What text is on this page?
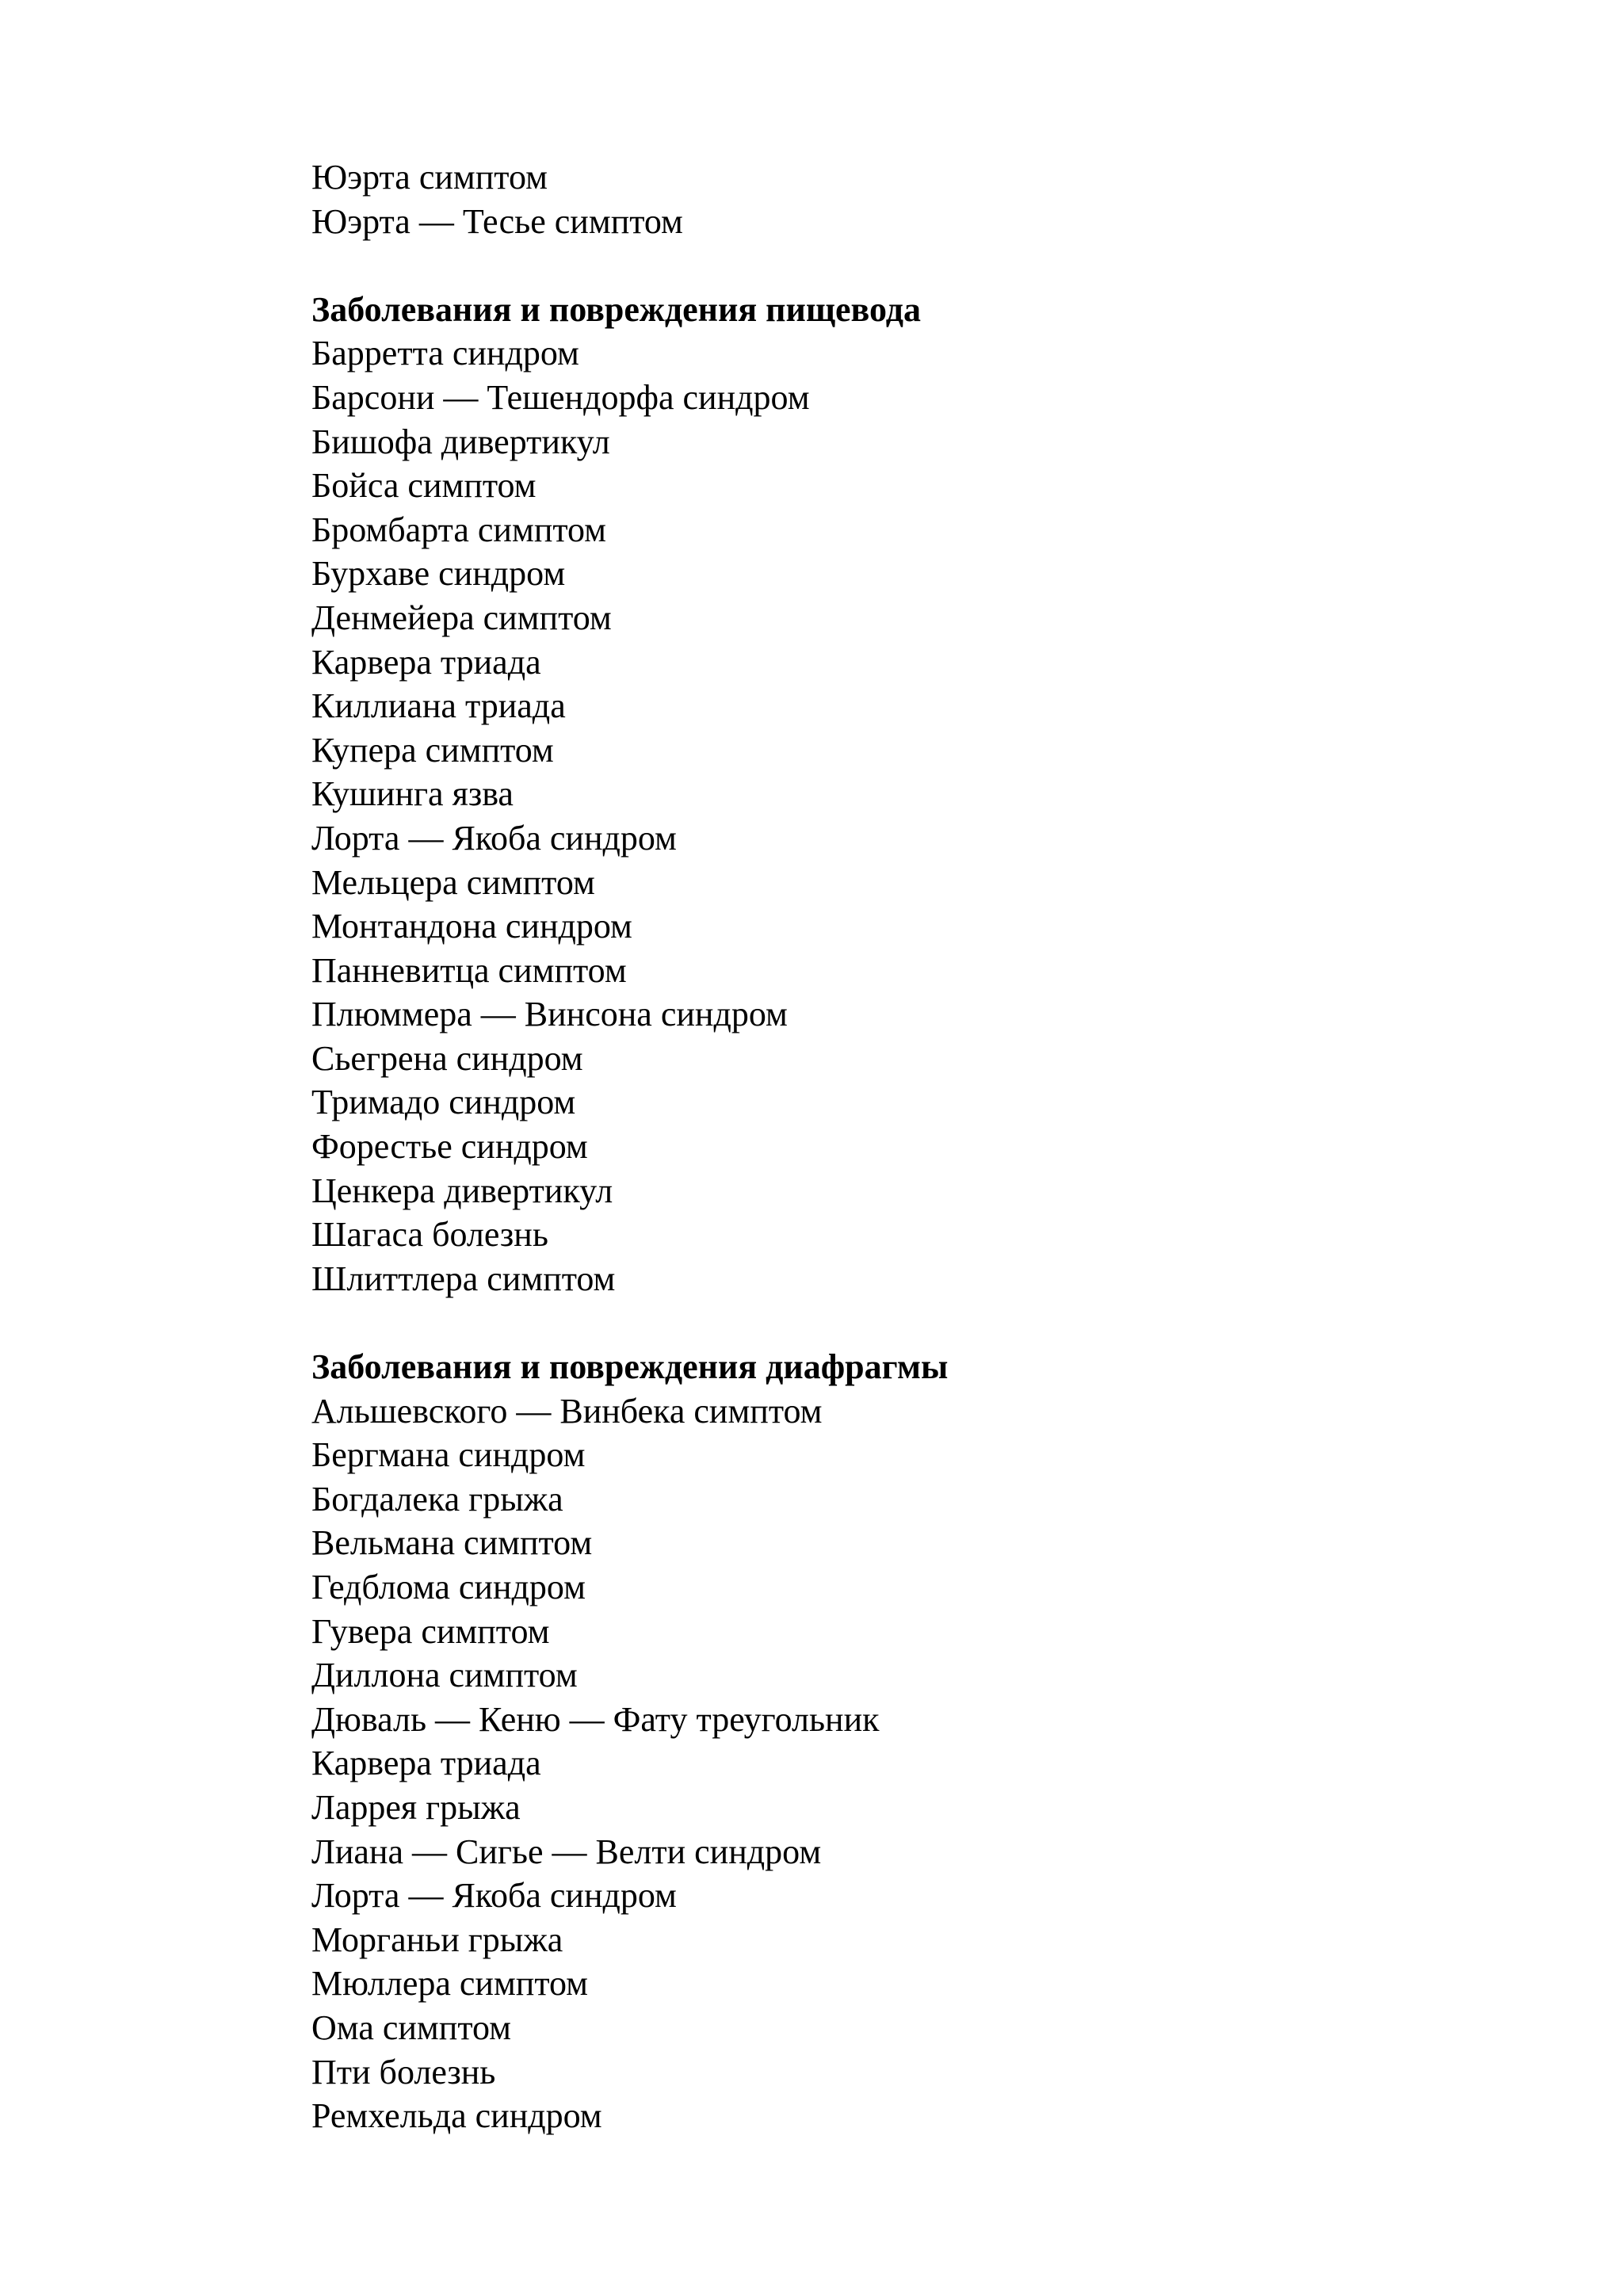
Юэрта симптом
Юэрта — Тесье симптом
Заболевания и повреждения пищевода
Барретта синдром
Барсони — Тешендорфа синдром
Бишофа дивертикул
Бойса симптом
Бромбарта симптом
Бурхаве синдром
Денмейера симптом
Карвера триада
Киллиана триада
Купера симптом
Кушинга язва
Лорта — Якоба синдром
Мельцера симптом
Монтандона синдром
Панневитца симптом
Плюммера — Винсона синдром
Сьегрена синдром
Тримадо синдром
Форестье синдром
Ценкера дивертикул
Шагаса болезнь
Шлиттлера симптом
Заболевания и повреждения диафрагмы
Альшевского — Винбека симптом
Бергмана синдром
Богдалека грыжа
Вельмана симптом
Гедблома синдром
Гувера симптом
Диллона симптом
Дюваль — Кеню — Фату треугольник
Карвера триада
Ларрея грыжа
Лиана — Сигье — Велти синдром
Лорта — Якоба синдром
Морганьи грыжа
Мюллера симптом
Ома симптом
Пти болезнь
Ремхельда синдром
